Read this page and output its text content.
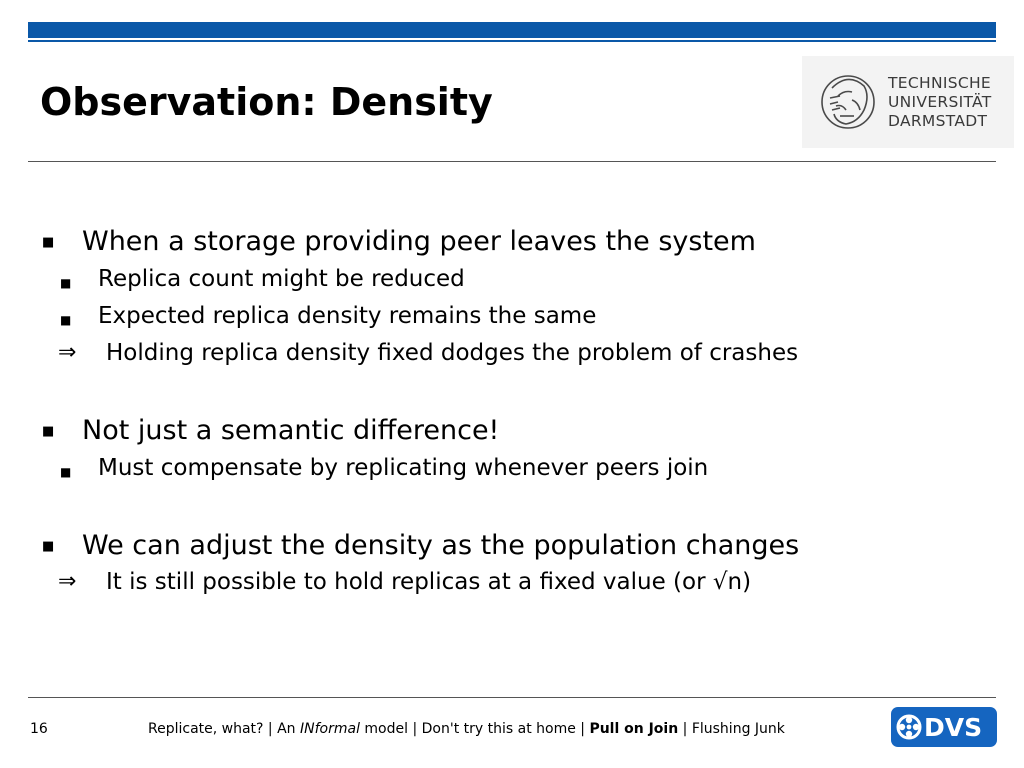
Observation: Density	TECHNISCHE
UNIVERSITÄT
DARMSTADT
■ When a storage providing peer leaves the system
■ Replica count might be reduced
■ Expected replica density remains the same
⇒ Holding replica density fixed dodges the problem of crashes
■ Not just a semantic difference!
■ Must compensate by replicating whenever peers join
■ We can adjust the density as the population changes
⇒ It is still possible to hold replicas at a fixed value (or √n)
16	Replicate, what? | An INformal model | Don't try this at home | Pull on Join | Flushing Junk	DVS
